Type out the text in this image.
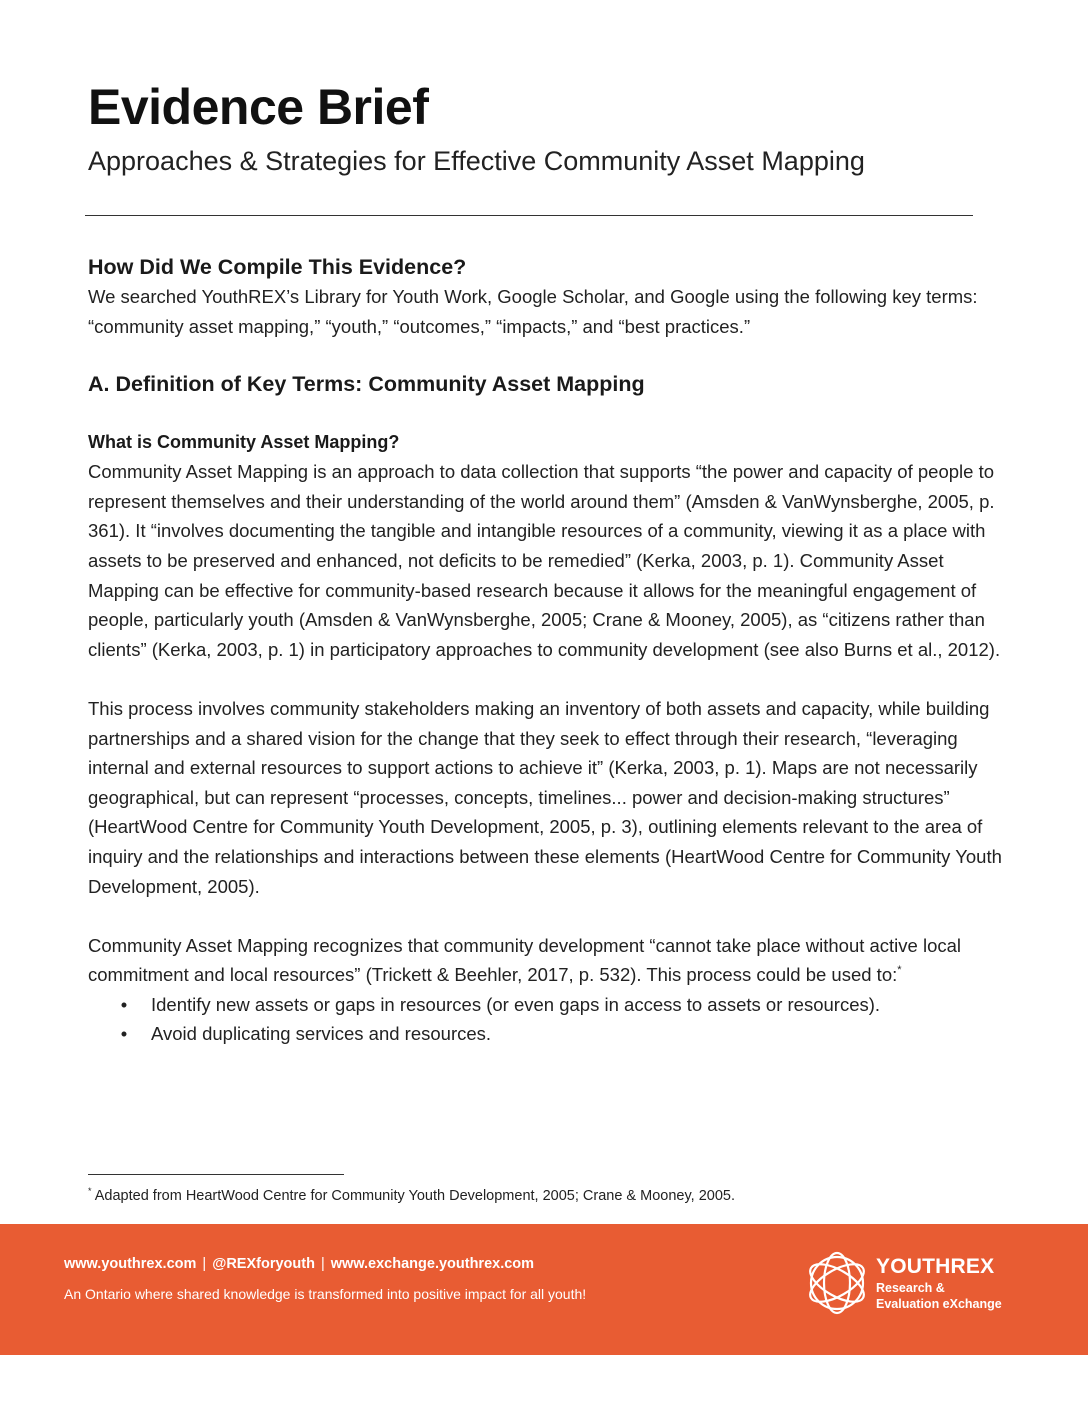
Evidence Brief
Approaches & Strategies for Effective Community Asset Mapping
How Did We Compile This Evidence?

We searched YouthREX’s Library for Youth Work, Google Scholar, and Google using the following key terms: “community asset mapping,” “youth,” “outcomes,” “impacts,” and “best practices.”

A. Definition of Key Terms: Community Asset Mapping
What is Community Asset Mapping?

Community Asset Mapping is an approach to data collection that supports “the power and capacity of people to represent themselves and their understanding of the world around them” (Amsden & VanWynsberghe, 2005, p. 361). It “involves documenting the tangible and intangible resources of a community, viewing it as a place with assets to be preserved and enhanced, not deficits to be remedied” (Kerka, 2003, p. 1). Community Asset Mapping can be effective for community-based research because it allows for the meaningful engagement of people, particularly youth (Amsden & VanWynsberghe, 2005; Crane & Mooney, 2005), as “citizens rather than clients” (Kerka, 2003, p. 1) in participatory approaches to community development (see also Burns et al., 2012).

This process involves community stakeholders making an inventory of both assets and capacity, while building partnerships and a shared vision for the change that they seek to effect through their research, “leveraging internal and external resources to support actions to achieve it” (Kerka, 2003, p. 1). Maps are not necessarily geographical, but can represent “processes, concepts, timelines... power and decision-making structures” (HeartWood Centre for Community Youth Development, 2005, p. 3), outlining elements relevant to the area of inquiry and the relationships and interactions between these elements (HeartWood Centre for Community Youth Development, 2005).

Community Asset Mapping recognizes that community development “cannot take place without active local commitment and local resources” (Trickett & Beehler, 2017, p. 532). This process could be used to:*

• Identify new assets or gaps in resources (or even gaps in access to assets or resources).
• Avoid duplicating services and resources.

* Adapted from HeartWood Centre for Community Youth Development, 2005; Crane & Mooney, 2005.

www.youthrex.com | @REXforyouth | www.exchange.youthrex.com
An Ontario where shared knowledge is transformed into positive impact for all youth!
YOUTHREX
Research &
Evaluation eXchange
